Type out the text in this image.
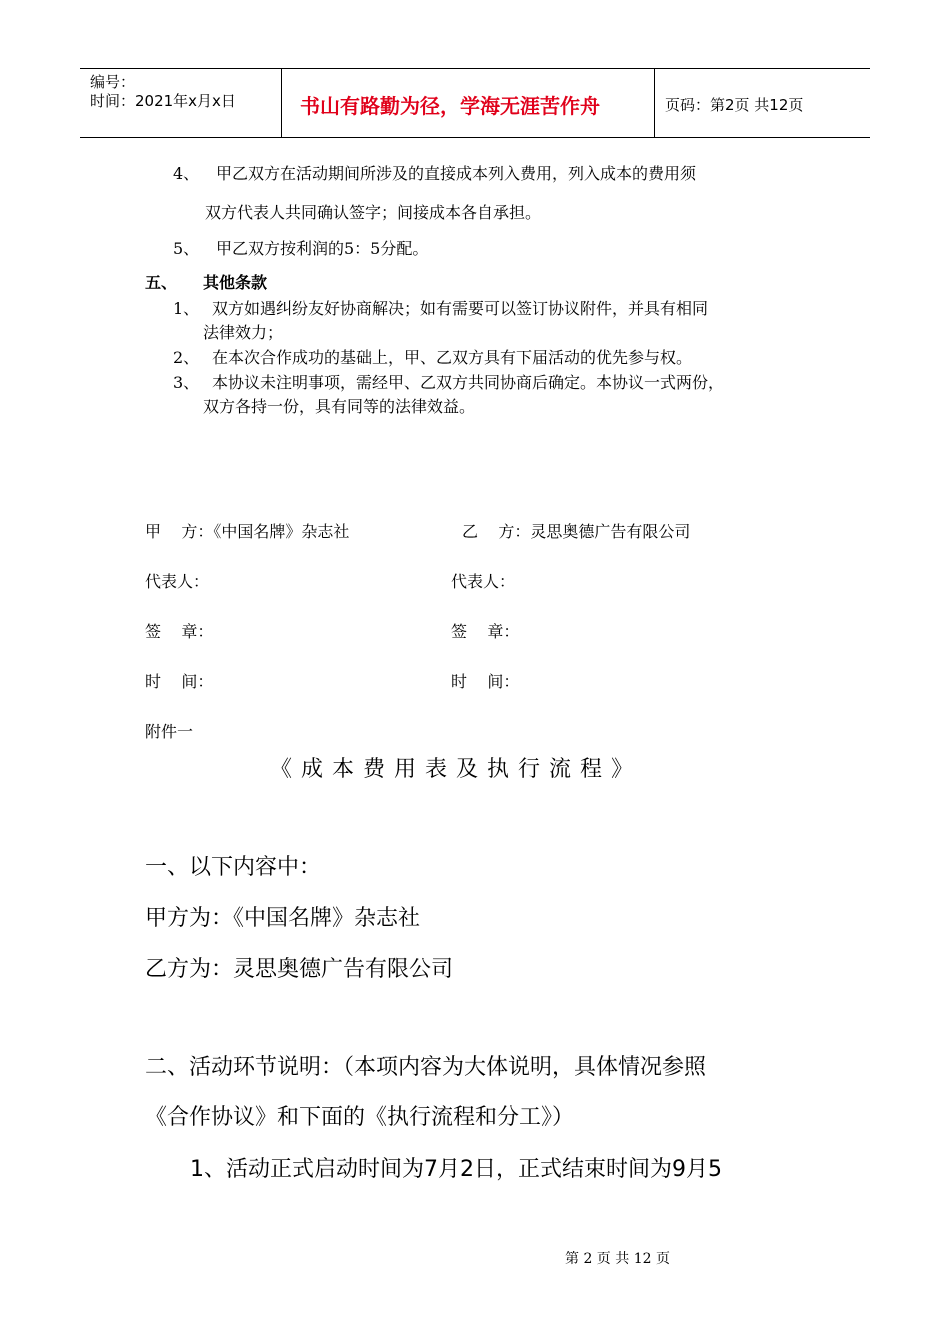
编号：
时间：2021年x月x日	书山有路勤为径，学海无涯苦作舟	页码：第2页 共12页
4、 甲乙双方在活动期间所涉及的直接成本列入费用，列入成本的费用须
双方代表人共同确认签字；间接成本各自承担。
5、 甲乙双方按利润的5：5分配。
五、 其他条款
1、 双方如遇纠纷友好协商解决；如有需要可以签订协议附件，并具有相同
法律效力；
2、 在本次合作成功的基础上，甲、乙双方具有下届活动的优先参与权。
3、 本协议未注明事项，需经甲、乙双方共同协商后确定。本协议一式两份，
双方各持一份，具有同等的法律效益。
甲    方：《中国名牌》杂志社	乙    方：灵思奥德广告有限公司
代表人：	代表人：
签    章：	签    章：
时    间：	时    间：
附件一
《成本费用表及执行流程》
一、以下内容中：
甲方为：《中国名牌》杂志社
乙方为：灵思奥德广告有限公司
二、活动环节说明：（本项内容为大体说明，具体情况参照
《合作协议》和下面的《执行流程和分工》）
1、活动正式启动时间为7月2日，正式结束时间为9月5
第 2 页 共 12 页
